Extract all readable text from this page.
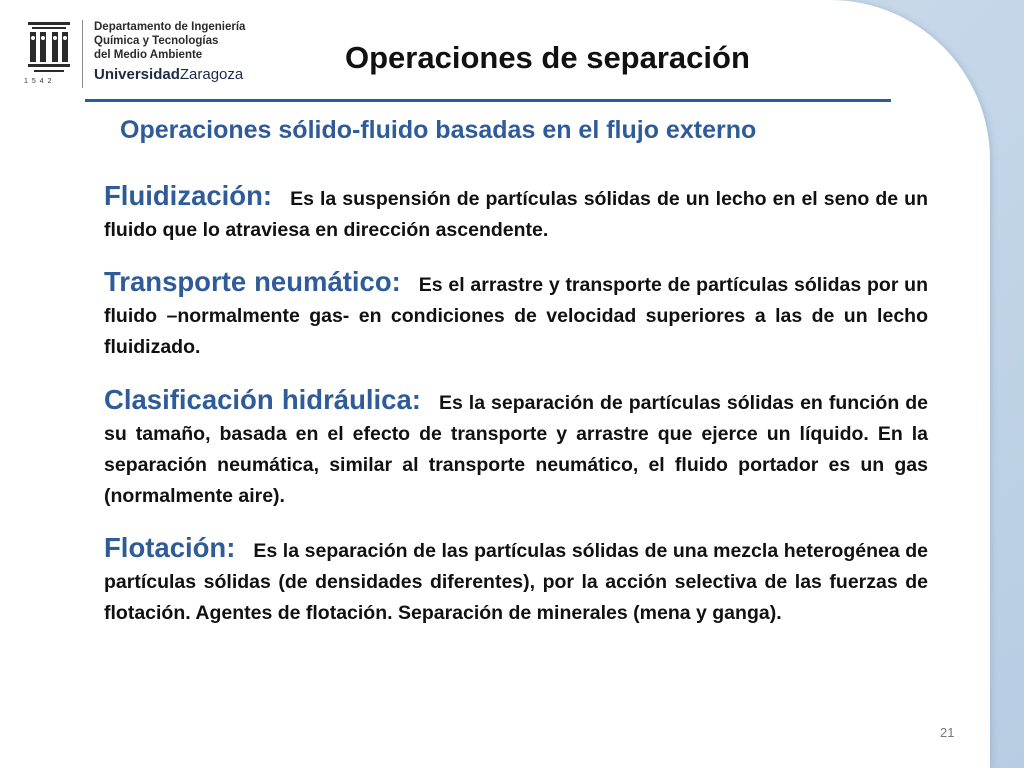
Departamento de Ingeniería
Química y Tecnologías
del Medio Ambiente
UniversidadZaragoza
1542
Operaciones de separación
Operaciones sólido-fluido basadas en el flujo externo

Fluidización: Es la suspensión de partículas sólidas de un lecho en el seno de un fluido que lo atraviesa en dirección ascendente.

Transporte neumático: Es el arrastre y transporte de partículas sólidas por un fluido –normalmente gas- en condiciones de velocidad superiores a las de un lecho fluidizado.

Clasificación hidráulica: Es la separación de partículas sólidas en función de su tamaño, basada en el efecto de transporte y arrastre que ejerce un líquido. En la separación neumática, similar al transporte neumático, el fluido portador es un gas (normalmente aire).

Flotación: Es la separación de las partículas sólidas de una mezcla heterogénea de partículas sólidas (de densidades diferentes), por la acción selectiva de las fuerzas de flotación. Agentes de flotación. Separación de minerales (mena y ganga).

21
